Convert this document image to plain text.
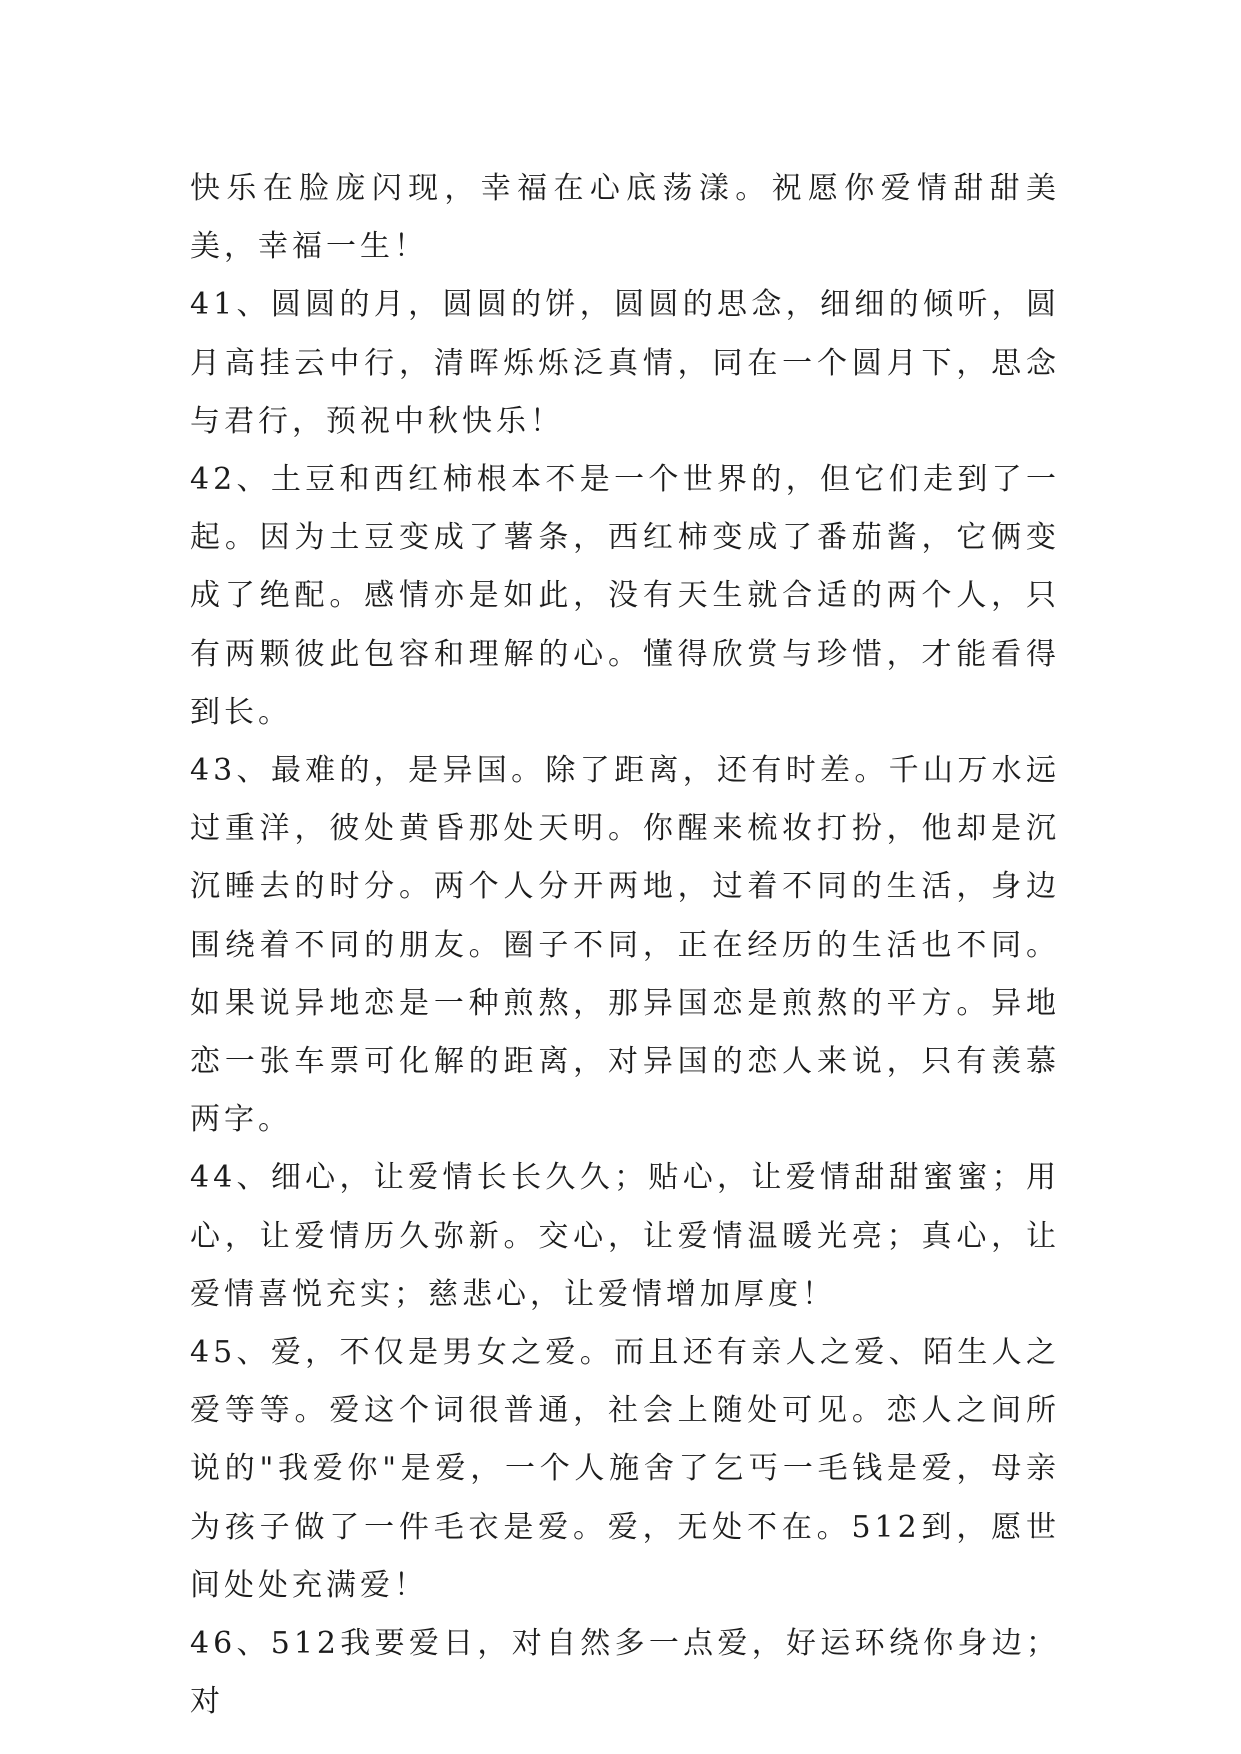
快乐在脸庞闪现，幸福在心底荡漾。祝愿你爱情甜甜美美，幸福一生！

41、圆圆的月，圆圆的饼，圆圆的思念，细细的倾听，圆月高挂云中行，清晖烁烁泛真情，同在一个圆月下，思念与君行，预祝中秋快乐！

42、土豆和西红柿根本不是一个世界的，但它们走到了一起。因为土豆变成了薯条，西红柿变成了番茄酱，它俩变成了绝配。感情亦是如此，没有天生就合适的两个人，只有两颗彼此包容和理解的心。懂得欣赏与珍惜，才能看得到长。

43、最难的，是异国。除了距离，还有时差。千山万水远过重洋，彼处黄昏那处天明。你醒来梳妆打扮，他却是沉沉睡去的时分。两个人分开两地，过着不同的生活，身边围绕着不同的朋友。圈子不同，正在经历的生活也不同。如果说异地恋是一种煎熬，那异国恋是煎熬的平方。异地恋一张车票可化解的距离，对异国的恋人来说，只有羡慕两字。

44、细心，让爱情长长久久；贴心，让爱情甜甜蜜蜜；用心，让爱情历久弥新。交心，让爱情温暖光亮；真心，让爱情喜悦充实；慈悲心，让爱情增加厚度！

45、爱，不仅是男女之爱。而且还有亲人之爱、陌生人之爱等等。爱这个词很普通，社会上随处可见。恋人之间所说的"我爱你"是爱，一个人施舍了乞丐一毛钱是爱，母亲为孩子做了一件毛衣是爱。爱，无处不在。512到，愿世间处处充满爱！

46、512我要爱日，对自然多一点爱，好运环绕你身边；对
